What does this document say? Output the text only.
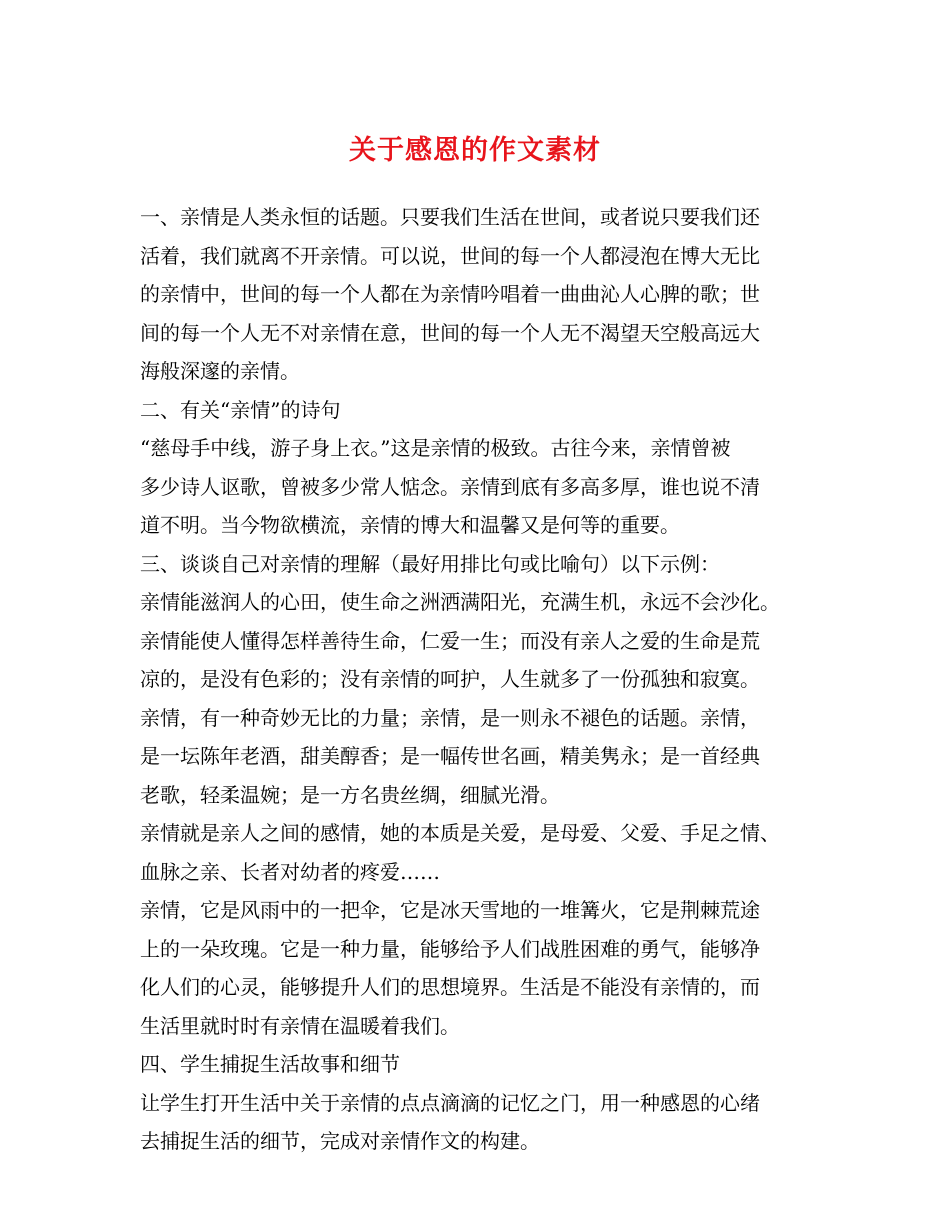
关于感恩的作文素材
一、亲情是人类永恒的话题。只要我们生活在世间，或者说只要我们还
活着，我们就离不开亲情。可以说，世间的每一个人都浸泡在博大无比
的亲情中，世间的每一个人都在为亲情吟唱着一曲曲沁人心脾的歌；世
间的每一个人无不对亲情在意，世间的每一个人无不渴望天空般高远大
海般深邃的亲情。
二、有关“亲情”的诗句
“慈母手中线，游子身上衣。”这是亲情的极致。古往今来，亲情曾被
多少诗人讴歌，曾被多少常人惦念。亲情到底有多高多厚，谁也说不清
道不明。当今物欲横流，亲情的博大和温馨又是何等的重要。
三、谈谈自己对亲情的理解（最好用排比句或比喻句）以下示例：
亲情能滋润人的心田，使生命之洲洒满阳光，充满生机，永远不会沙化。
亲情能使人懂得怎样善待生命，仁爱一生；而没有亲人之爱的生命是荒
凉的，是没有色彩的；没有亲情的呵护，人生就多了一份孤独和寂寞。
亲情，有一种奇妙无比的力量；亲情，是一则永不褪色的话题。亲情，
是一坛陈年老酒，甜美醇香；是一幅传世名画，精美隽永；是一首经典
老歌，轻柔温婉；是一方名贵丝绸，细腻光滑。
亲情就是亲人之间的感情，她的本质是关爱，是母爱、父爱、手足之情、
血脉之亲、长者对幼者的疼爱……
亲情，它是风雨中的一把伞，它是冰天雪地的一堆篝火，它是荆棘荒途
上的一朵玫瑰。它是一种力量，能够给予人们战胜困难的勇气，能够净
化人们的心灵，能够提升人们的思想境界。生活是不能没有亲情的，而
生活里就时时有亲情在温暖着我们。
四、学生捕捉生活故事和细节
让学生打开生活中关于亲情的点点滴滴的记忆之门，用一种感恩的心绪
去捕捉生活的细节，完成对亲情作文的构建。
